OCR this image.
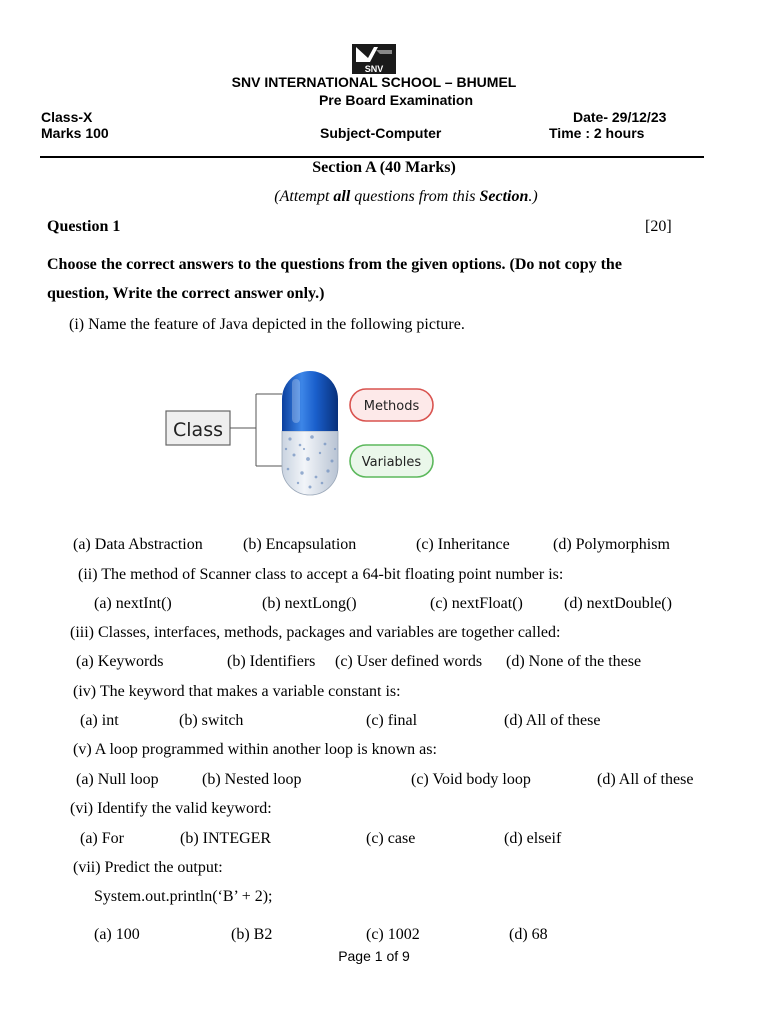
SNV
SNV INTERNATIONAL SCHOOL – BHUMEL
Pre Board Examination
Class-X	Date- 29/12/23
Marks 100	Subject-Computer	Time : 2 hours
Section A (40 Marks)
(Attempt all questions from this Section.)
Question 1	[20]
Choose the correct answers to the questions from the given options. (Do not copy the
question, Write the correct answer only.)
(i) Name the feature of Java depicted in the following picture.
Class
Methods
Variables
(a) Data Abstraction	(b) Encapsulation	(c) Inheritance	(d) Polymorphism
(ii) The method of Scanner class to accept a 64-bit floating point number is:
(a) nextInt()	(b) nextLong()	(c) nextFloat()	(d) nextDouble()
(iii) Classes, interfaces, methods, packages and variables are together called:
(a) Keywords	(b) Identifiers (c) User defined words (d) None of the these
(iv) The keyword that makes a variable constant is:
(a) int	(b) switch	(c) final	(d) All of these
(v) A loop programmed within another loop is known as:
(a) Null loop	(b) Nested loop	(c) Void body loop	(d) All of these
(vi) Identify the valid keyword:
(a) For	(b) INTEGER	(c) case	(d) elseif
(vii) Predict the output:
System.out.println(‘B’ + 2);
(a) 100	(b) B2	(c) 1002	(d) 68
Page 1 of 9
